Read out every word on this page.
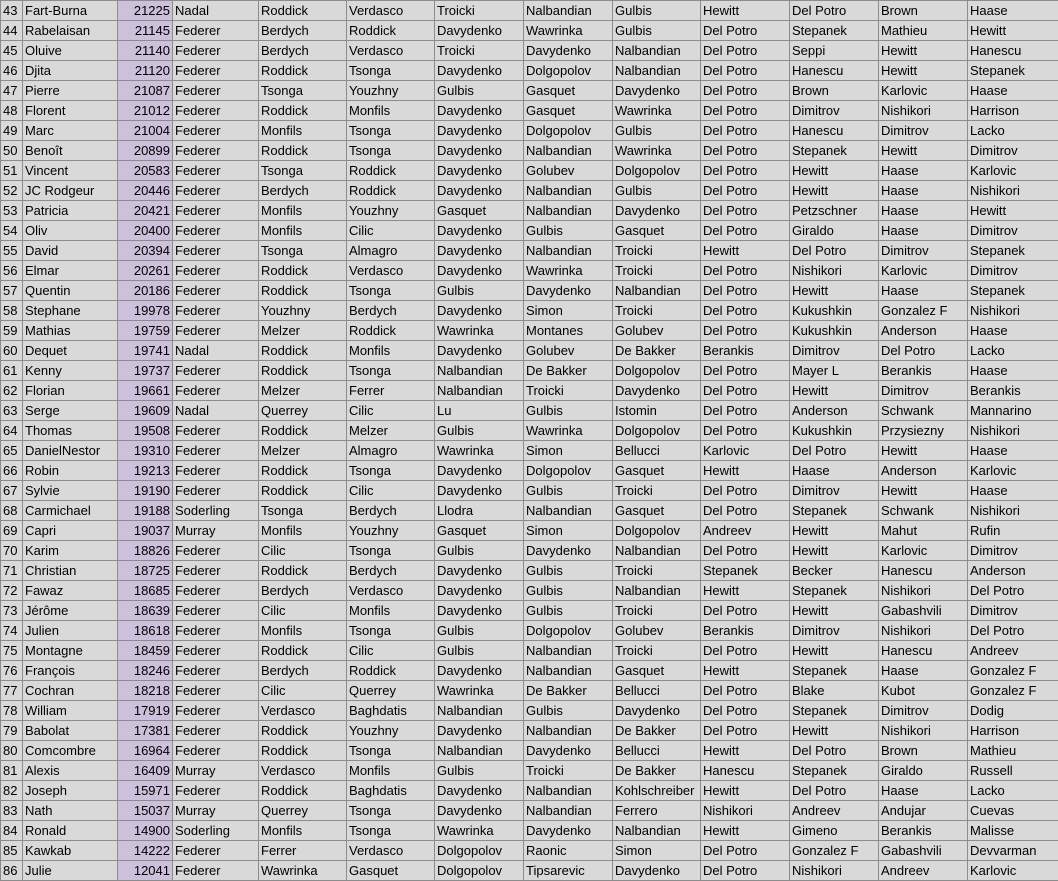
43	Fart-Burna	21225	Nadal	Roddick	Verdasco	Troicki	Nalbandian	Gulbis	Hewitt	Del Potro	Brown	Haase
44	Rabelaisan	21145	Federer	Berdych	Roddick	Davydenko	Wawrinka	Gulbis	Del Potro	Stepanek	Mathieu	Hewitt
45	Oluive	21140	Federer	Berdych	Verdasco	Troicki	Davydenko	Nalbandian	Del Potro	Seppi	Hewitt	Hanescu
46	Djita	21120	Federer	Roddick	Tsonga	Davydenko	Dolgopolov	Nalbandian	Del Potro	Hanescu	Hewitt	Stepanek
47	Pierre	21087	Federer	Tsonga	Youzhny	Gulbis	Gasquet	Davydenko	Del Potro	Brown	Karlovic	Haase
48	Florent	21012	Federer	Roddick	Monfils	Davydenko	Gasquet	Wawrinka	Del Potro	Dimitrov	Nishikori	Harrison
49	Marc	21004	Federer	Monfils	Tsonga	Davydenko	Dolgopolov	Gulbis	Del Potro	Hanescu	Dimitrov	Lacko
50	Benoît	20899	Federer	Roddick	Tsonga	Davydenko	Nalbandian	Wawrinka	Del Potro	Stepanek	Hewitt	Dimitrov
51	Vincent	20583	Federer	Tsonga	Roddick	Davydenko	Golubev	Dolgopolov	Del Potro	Hewitt	Haase	Karlovic
52	JC Rodgeur	20446	Federer	Berdych	Roddick	Davydenko	Nalbandian	Gulbis	Del Potro	Hewitt	Haase	Nishikori
53	Patricia	20421	Federer	Monfils	Youzhny	Gasquet	Nalbandian	Davydenko	Del Potro	Petzschner	Haase	Hewitt
54	Oliv	20400	Federer	Monfils	Cilic	Davydenko	Gulbis	Gasquet	Del Potro	Giraldo	Haase	Dimitrov
55	David	20394	Federer	Tsonga	Almagro	Davydenko	Nalbandian	Troicki	Hewitt	Del Potro	Dimitrov	Stepanek
56	Elmar	20261	Federer	Roddick	Verdasco	Davydenko	Wawrinka	Troicki	Del Potro	Nishikori	Karlovic	Dimitrov
57	Quentin	20186	Federer	Roddick	Tsonga	Gulbis	Davydenko	Nalbandian	Del Potro	Hewitt	Haase	Stepanek
58	Stephane	19978	Federer	Youzhny	Berdych	Davydenko	Simon	Troicki	Del Potro	Kukushkin	Gonzalez F	Nishikori
59	Mathias	19759	Federer	Melzer	Roddick	Wawrinka	Montanes	Golubev	Del Potro	Kukushkin	Anderson	Haase
60	Dequet	19741	Nadal	Roddick	Monfils	Davydenko	Golubev	De Bakker	Berankis	Dimitrov	Del Potro	Lacko
61	Kenny	19737	Federer	Roddick	Tsonga	Nalbandian	De Bakker	Dolgopolov	Del Potro	Mayer L	Berankis	Haase
62	Florian	19661	Federer	Melzer	Ferrer	Nalbandian	Troicki	Davydenko	Del Potro	Hewitt	Dimitrov	Berankis
63	Serge	19609	Nadal	Querrey	Cilic	Lu	Gulbis	Istomin	Del Potro	Anderson	Schwank	Mannarino
64	Thomas	19508	Federer	Roddick	Melzer	Gulbis	Wawrinka	Dolgopolov	Del Potro	Kukushkin	Przysiezny	Nishikori
65	DanielNestor	19310	Federer	Melzer	Almagro	Wawrinka	Simon	Bellucci	Karlovic	Del Potro	Hewitt	Haase
66	Robin	19213	Federer	Roddick	Tsonga	Davydenko	Dolgopolov	Gasquet	Hewitt	Haase	Anderson	Karlovic
67	Sylvie	19190	Federer	Roddick	Cilic	Davydenko	Gulbis	Troicki	Del Potro	Dimitrov	Hewitt	Haase
68	Carmichael	19188	Soderling	Tsonga	Berdych	Llodra	Nalbandian	Gasquet	Del Potro	Stepanek	Schwank	Nishikori
69	Capri	19037	Murray	Monfils	Youzhny	Gasquet	Simon	Dolgopolov	Andreev	Hewitt	Mahut	Rufin
70	Karim	18826	Federer	Cilic	Tsonga	Gulbis	Davydenko	Nalbandian	Del Potro	Hewitt	Karlovic	Dimitrov
71	Christian	18725	Federer	Roddick	Berdych	Davydenko	Gulbis	Troicki	Stepanek	Becker	Hanescu	Anderson
72	Fawaz	18685	Federer	Berdych	Verdasco	Davydenko	Gulbis	Nalbandian	Hewitt	Stepanek	Nishikori	Del Potro
73	Jérôme	18639	Federer	Cilic	Monfils	Davydenko	Gulbis	Troicki	Del Potro	Hewitt	Gabashvili	Dimitrov
74	Julien	18618	Federer	Monfils	Tsonga	Gulbis	Dolgopolov	Golubev	Berankis	Dimitrov	Nishikori	Del Potro
75	Montagne	18459	Federer	Roddick	Cilic	Gulbis	Nalbandian	Troicki	Del Potro	Hewitt	Hanescu	Andreev
76	François	18246	Federer	Berdych	Roddick	Davydenko	Nalbandian	Gasquet	Hewitt	Stepanek	Haase	Gonzalez F
77	Cochran	18218	Federer	Cilic	Querrey	Wawrinka	De Bakker	Bellucci	Del Potro	Blake	Kubot	Gonzalez F
78	William	17919	Federer	Verdasco	Baghdatis	Nalbandian	Gulbis	Davydenko	Del Potro	Stepanek	Dimitrov	Dodig
79	Babolat	17381	Federer	Roddick	Youzhny	Davydenko	Nalbandian	De Bakker	Del Potro	Hewitt	Nishikori	Harrison
80	Comcombre	16964	Federer	Roddick	Tsonga	Nalbandian	Davydenko	Bellucci	Hewitt	Del Potro	Brown	Mathieu
81	Alexis	16409	Murray	Verdasco	Monfils	Gulbis	Troicki	De Bakker	Hanescu	Stepanek	Giraldo	Russell
82	Joseph	15971	Federer	Roddick	Baghdatis	Davydenko	Nalbandian	Kohlschreiber	Hewitt	Del Potro	Haase	Lacko
83	Nath	15037	Murray	Querrey	Tsonga	Davydenko	Nalbandian	Ferrero	Nishikori	Andreev	Andujar	Cuevas
84	Ronald	14900	Soderling	Monfils	Tsonga	Wawrinka	Davydenko	Nalbandian	Hewitt	Gimeno	Berankis	Malisse
85	Kawkab	14222	Federer	Ferrer	Verdasco	Dolgopolov	Raonic	Simon	Del Potro	Gonzalez F	Gabashvili	Devvarman
86	Julie	12041	Federer	Wawrinka	Gasquet	Dolgopolov	Tipsarevic	Davydenko	Del Potro	Nishikori	Andreev	Karlovic
